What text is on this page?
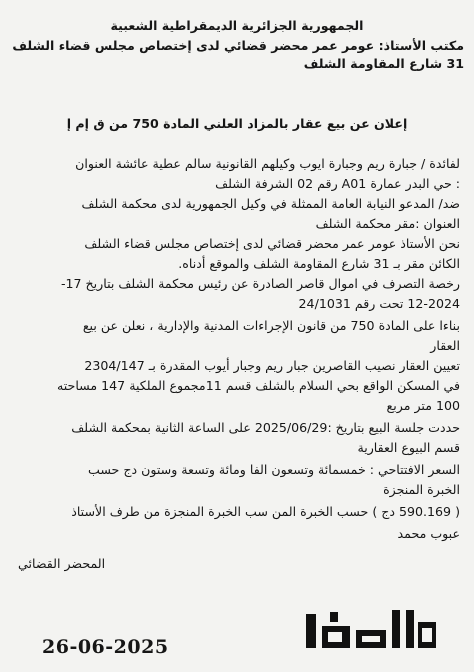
الجمهورية الجزائرية الديمقراطية الشعبية
مكتب الأستاذ: عومر عمر محضر قضائي لدى إختصاص مجلس قضاء الشلف
31 شارع المقاومة الشلف
إعلان عن بيع عقار بالمزاد العلني المادة 750 من ق إم إ
لفائدة / جبارة ريم وجبارة ايوب وكيلهم القانونية سالم عطية عائشة العنوان
: حي البدر عمارة A01 رقم 02 الشرفة الشلف
ضد/ المدعو النيابة العامة الممثلة في وكيل الجمهورية لدى محكمة الشلف
العنوان :مقر محكمة الشلف
نحن الأستاذ عومر عمر محضر قضائي لدى إختصاص مجلس قضاء الشلف
الكائن مقر بـ 31 شارع المقاومة الشلف والموقع أدناه.
رخصة التصرف في اموال قاصر الصادرة عن رئيس محكمة الشلف بتاريخ 17-
12-2024 تحت رقم 24/1031
بناءا على المادة 750 من قانون الإجراءات المدنية والإدارية ، نعلن عن بيع
العقار
تعيين العقار نصيب القاصرين جبار ريم وجبار أيوب المقدرة بـ 2304/147
في المسكن الواقع بحي السلام بالشلف قسم 11مجموع الملكية 147 مساحته
100 متر مربع
حددت جلسة البيع بتاريخ :2025/06/29 على الساعة الثانية بمحكمة الشلف
قسم البيوع العقارية
السعر الافتتاحي : خمسمائة وتسعون الفا ومائة وتسعة وستون دج حسب
الخبرة المنجزة
( 590.169 دج ) حسب الخبرة المن سب الخبرة المنجزة من طرف الأستاذ
عبوب محمد
المحضر القضائي
26-06-2025
